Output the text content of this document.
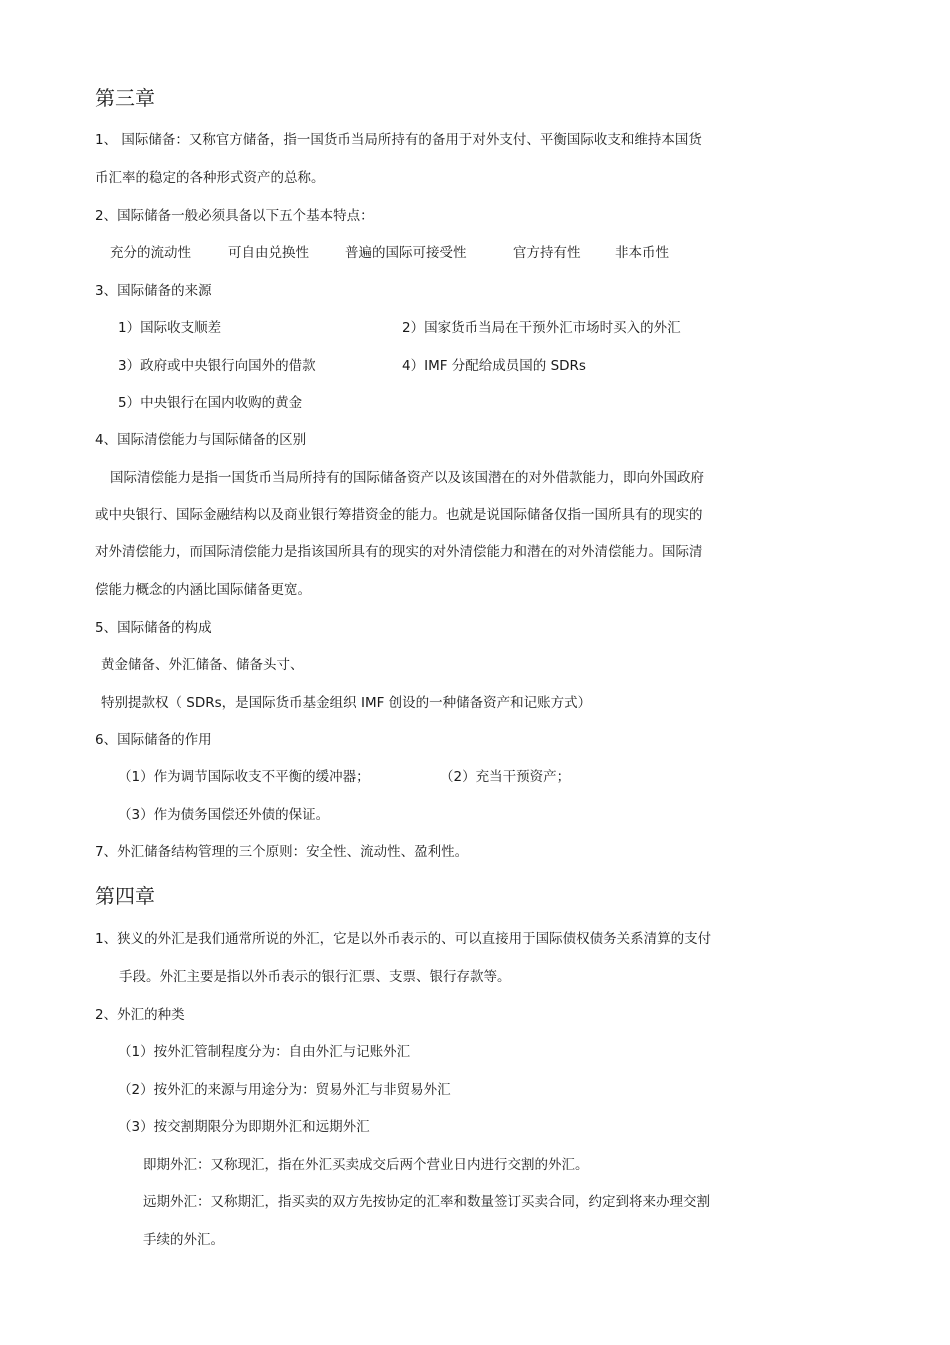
第三章
1、 国际储备：又称官方储备，指一国货币当局所持有的备用于对外支付、平衡国际收支和维持本国货
币汇率的稳定的各种形式资产的总称。
2、国际储备一般必须具备以下五个基本特点：
充分的流动性	可自由兑换性	普遍的国际可接受性	官方持有性	非本币性
3、国际储备的来源
1）国际收支顺差	2）国家货币当局在干预外汇市场时买入的外汇
3）政府或中央银行向国外的借款	4）IMF 分配给成员国的 SDRs
5）中央银行在国内收购的黄金
4、国际清偿能力与国际储备的区别
国际清偿能力是指一国货币当局所持有的国际储备资产以及该国潜在的对外借款能力，即向外国政府
或中央银行、国际金融结构以及商业银行筹措资金的能力。也就是说国际储备仅指一国所具有的现实的
对外清偿能力，而国际清偿能力是指该国所具有的现实的对外清偿能力和潜在的对外清偿能力。国际清
偿能力概念的内涵比国际储备更宽。
5、国际储备的构成
黄金储备、外汇储备、储备头寸、
特别提款权（ SDRs，是国际货币基金组织 IMF 创设的一种储备资产和记账方式）
6、国际储备的作用
（1）作为调节国际收支不平衡的缓冲器；	（2）充当干预资产；
（3）作为债务国偿还外债的保证。
7、外汇储备结构管理的三个原则：安全性、流动性、盈利性。
第四章
1、狭义的外汇是我们通常所说的外汇，它是以外币表示的、可以直接用于国际债权债务关系清算的支付
手段。外汇主要是指以外币表示的银行汇票、支票、银行存款等。
2、外汇的种类
（1）按外汇管制程度分为：自由外汇与记账外汇
（2）按外汇的来源与用途分为：贸易外汇与非贸易外汇
（3）按交割期限分为即期外汇和远期外汇
即期外汇：又称现汇，指在外汇买卖成交后两个营业日内进行交割的外汇。
远期外汇：又称期汇，指买卖的双方先按协定的汇率和数量签订买卖合同，约定到将来办理交割
手续的外汇。
